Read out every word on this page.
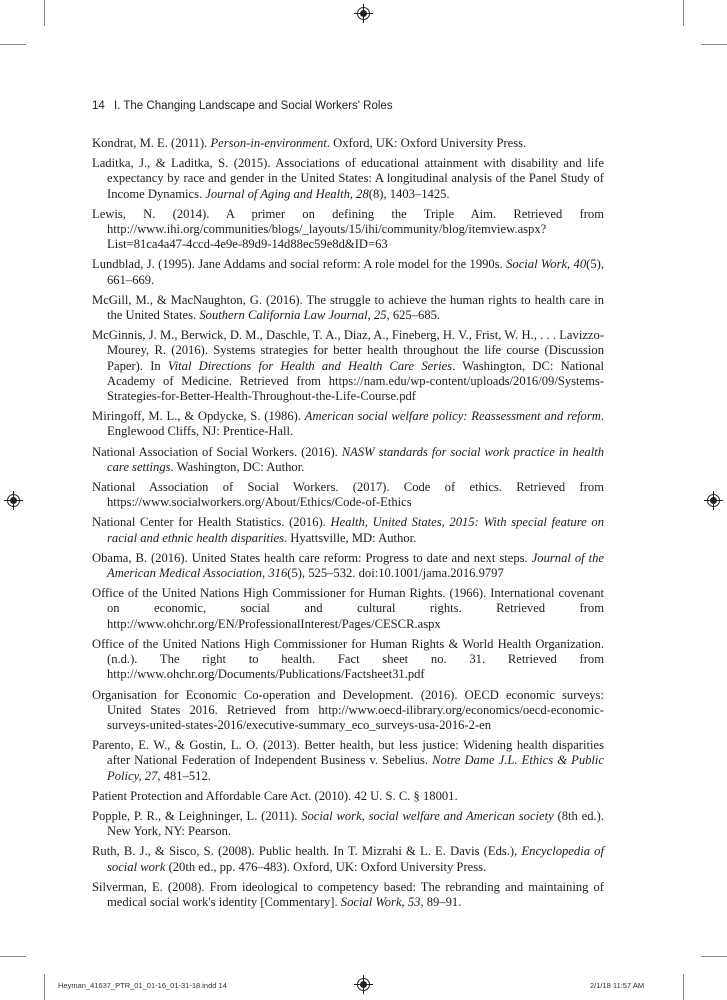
14 I. The Changing Landscape and Social Workers' Roles

Kondrat, M. E. (2011). Person-in-environment. Oxford, UK: Oxford University Press.

Laditka, J., & Laditka, S. (2015). Associations of educational attainment with disability and life expectancy by race and gender in the United States: A longitudinal analysis of the Panel Study of Income Dynamics. Journal of Aging and Health, 28(8), 1403–1425.

Lewis, N. (2014). A primer on defining the Triple Aim. Retrieved from http://www.ihi.org/communities/blogs/_layouts/15/ihi/community/blog/itemview.aspx?List=81ca4a47-4ccd-4e9e-89d9-14d88ec59e8d&ID=63

Lundblad, J. (1995). Jane Addams and social reform: A role model for the 1990s. Social Work, 40(5), 661–669.

McGill, M., & MacNaughton, G. (2016). The struggle to achieve the human rights to health care in the United States. Southern California Law Journal, 25, 625–685.

McGinnis, J. M., Berwick, D. M., Daschle, T. A., Diaz, A., Fineberg, H. V., Frist, W. H., . . . Lavizzo-Mourey, R. (2016). Systems strategies for better health throughout the life course (Discussion Paper). In Vital Directions for Health and Health Care Series. Washington, DC: National Academy of Medicine. Retrieved from https://nam.edu/wp-content/uploads/2016/09/Systems-Strategies-for-Better-Health-Throughout-the-Life-Course.pdf

Miringoff, M. L., & Opdycke, S. (1986). American social welfare policy: Reassessment and reform. Englewood Cliffs, NJ: Prentice-Hall.

National Association of Social Workers. (2016). NASW standards for social work practice in health care settings. Washington, DC: Author.

National Association of Social Workers. (2017). Code of ethics. Retrieved from https://www.socialworkers.org/About/Ethics/Code-of-Ethics

National Center for Health Statistics. (2016). Health, United States, 2015: With special feature on racial and ethnic health disparities. Hyattsville, MD: Author.

Obama, B. (2016). United States health care reform: Progress to date and next steps. Journal of the American Medical Association, 316(5), 525–532. doi:10.1001/jama.2016.9797

Office of the United Nations High Commissioner for Human Rights. (1966). International covenant on economic, social and cultural rights. Retrieved from http://www.ohchr.org/EN/ProfessionalInterest/Pages/CESCR.aspx

Office of the United Nations High Commissioner for Human Rights & World Health Organization. (n.d.). The right to health. Fact sheet no. 31. Retrieved from http://www.ohchr.org/Documents/Publications/Factsheet31.pdf

Organisation for Economic Co-operation and Development. (2016). OECD economic surveys: United States 2016. Retrieved from http://www.oecd-ilibrary.org/economics/oecd-economic-surveys-united-states-2016/executive-summary_eco_surveys-usa-2016-2-en

Parento, E. W., & Gostin, L. O. (2013). Better health, but less justice: Widening health disparities after National Federation of Independent Business v. Sebelius. Notre Dame J.L. Ethics & Public Policy, 27, 481–512.

Patient Protection and Affordable Care Act. (2010). 42 U. S. C. § 18001.

Popple, P. R., & Leighninger, L. (2011). Social work, social welfare and American society (8th ed.). New York, NY: Pearson.

Ruth, B. J., & Sisco, S. (2008). Public health. In T. Mizrahi & L. E. Davis (Eds.), Encyclopedia of social work (20th ed., pp. 476–483). Oxford, UK: Oxford University Press.

Silverman, E. (2008). From ideological to competency based: The rebranding and maintaining of medical social work's identity [Commentary]. Social Work, 53, 89–91.

Heyman_41637_PTR_01_01-16_01-31-18.indd 14	2/1/18 11:57 AM
